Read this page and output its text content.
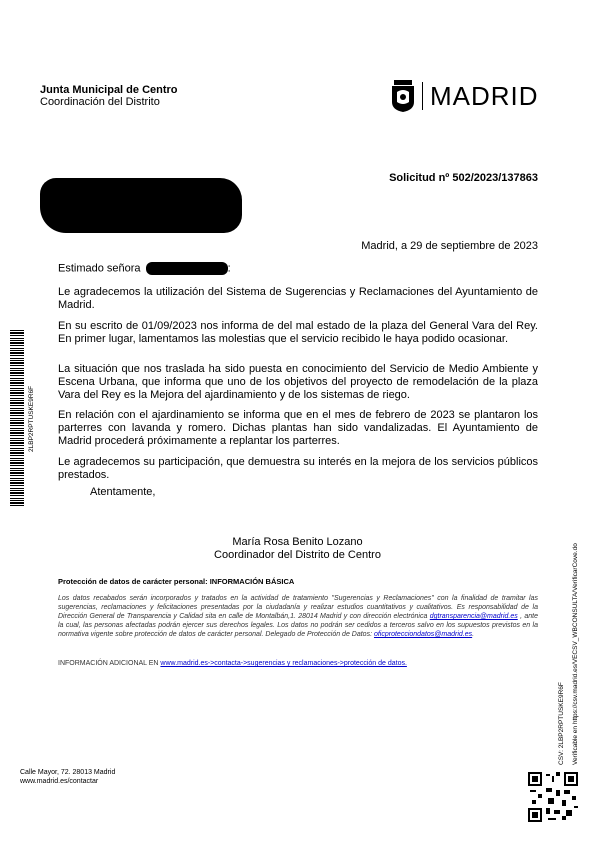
Junta Municipal de Centro
Coordinación del Distrito	MADRID
Solicitud nº 502/2023/137863
Madrid, a 29 de septiembre de 2023
Estimado señora	:
Le agradecemos la utilización del Sistema de Sugerencias y Reclamaciones del Ayuntamiento de Madrid.
En su escrito de 01/09/2023 nos informa de del mal estado de la plaza del General Vara del Rey. En primer lugar, lamentamos las molestias que el servicio recibido le haya podido ocasionar.
La situación que nos traslada ha sido puesta en conocimiento del Servicio de Medio Ambiente y Escena Urbana, que informa que uno de los objetivos del proyecto de remodelación de la plaza Vara del Rey es la Mejora del ajardinamiento y de los sistemas de riego.
En relación con el ajardinamiento se informa que en el mes de febrero de 2023 se plantaron los parterres con lavanda y romero. Dichas plantas han sido vandalizadas. El Ayuntamiento de Madrid procederá próximamente a replantar los parterres.
Le agradecemos su participación, que demuestra su interés en la mejora de los servicios públicos prestados.
Atentamente,
María Rosa Benito Lozano
Coordinador del Distrito de Centro
Protección de datos de carácter personal: INFORMACIÓN BÁSICA
Los datos recabados serán incorporados y tratados en la actividad de tratamiento "Sugerencias y Reclamaciones" con la finalidad de tramitar las sugerencias, reclamaciones y felicitaciones presentadas por la ciudadanía y realizar estudios cuantitativos y cualitativos. Es responsabilidad de la Dirección General de Transparencia y Calidad sita en calle de Montalbán,1. 28014 Madrid y con dirección electrónica dgtransparencia@madrid.es , ante la cual, las personas afectadas podrán ejercer sus derechos legales. Los datos no podrán ser cedidos a terceros salvo en los supuestos previstos en la normativa vigente sobre protección de datos de carácter personal. Delegado de Protección de Datos: oficprotecciondatos@madrid.es.
INFORMACIÓN ADICIONAL EN www.madrid.es->contacta->sugerencias y reclamaciones->protección de datos.
Calle Mayor, 72. 28013 Madrid
www.madrid.es/contactar
2LBP2RPTUSKE9R6F
Verificable en https://csv.madrid.es/VECSV_WBCONSULTA/VerificarCove.do
CSV: 2LBP2RPTUSKE9R6F
